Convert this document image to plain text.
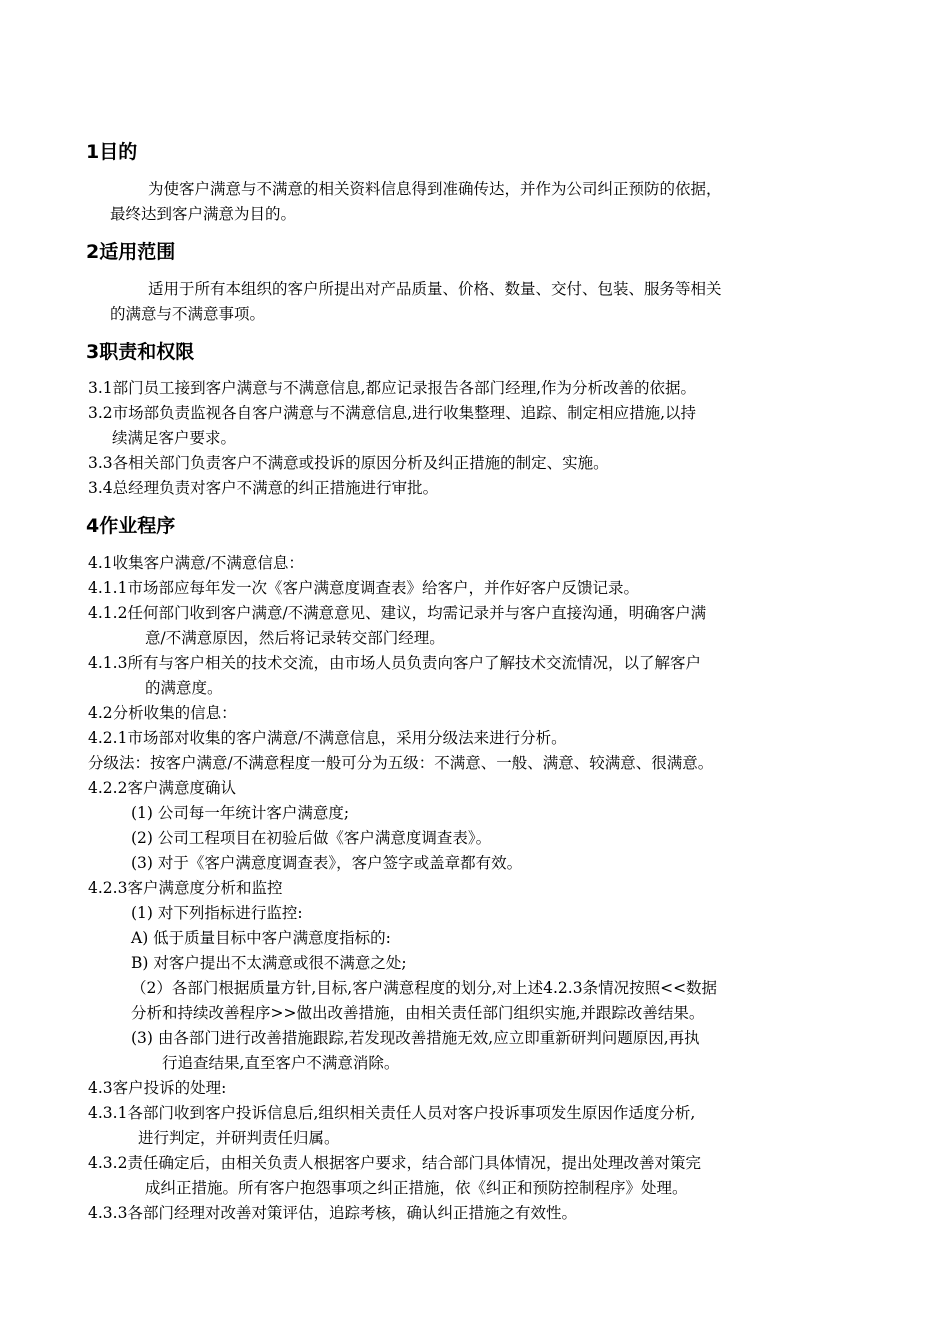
1目的
为使客户满意与不满意的相关资料信息得到准确传达，并作为公司纠正预防的依据，
最终达到客户满意为目的。
2适用范围
适用于所有本组织的客户所提出对产品质量、价格、数量、交付、包装、服务等相关
的满意与不满意事项。
3职责和权限
3.1部门员工接到客户满意与不满意信息,都应记录报告各部门经理,作为分析改善的依据。
3.2市场部负责监视各自客户满意与不满意信息,进行收集整理、追踪、制定相应措施,以持
续满足客户要求。
3.3各相关部门负责客户不满意或投诉的原因分析及纠正措施的制定、实施。
3.4总经理负责对客户不满意的纠正措施进行审批。
4作业程序
4.1收集客户满意/不满意信息：
4.1.1市场部应每年发一次《客户满意度调查表》给客户，并作好客户反馈记录。
4.1.2任何部门收到客户满意/不满意意见、建议，均需记录并与客户直接沟通，明确客户满
意/不满意原因，然后将记录转交部门经理。
4.1.3所有与客户相关的技术交流，由市场人员负责向客户了解技术交流情况，以了解客户
的满意度。
4.2分析收集的信息：
4.2.1市场部对收集的客户满意/不满意信息，采用分级法来进行分析。
分级法：按客户满意/不满意程度一般可分为五级：不满意、一般、满意、较满意、很满意。
4.2.2客户满意度确认
(1) 公司每一年统计客户满意度;
(2) 公司工程项目在初验后做《客户满意度调查表》。
(3) 对于《客户满意度调查表》，客户签字或盖章都有效。
4.2.3客户满意度分析和监控
(1) 对下列指标进行监控:
A) 低于质量目标中客户满意度指标的:
B) 对客户提出不太满意或很不满意之处;
（2）各部门根据质量方针,目标,客户满意程度的划分,对上述4.2.3条情况按照<<数据
分析和持续改善程序>>做出改善措施，由相关责任部门组织实施,并跟踪改善结果。
(3) 由各部门进行改善措施跟踪,若发现改善措施无效,应立即重新研判问题原因,再执
行追查结果,直至客户不满意消除。
4.3客户投诉的处理:
4.3.1各部门收到客户投诉信息后,组织相关责任人员对客户投诉事项发生原因作适度分析,
进行判定，并研判责任归属。
4.3.2责任确定后，由相关负责人根据客户要求，结合部门具体情况，提出处理改善对策完
成纠正措施。所有客户抱怨事项之纠正措施，依《纠正和预防控制程序》处理。
4.3.3各部门经理对改善对策评估，追踪考核，确认纠正措施之有效性。
